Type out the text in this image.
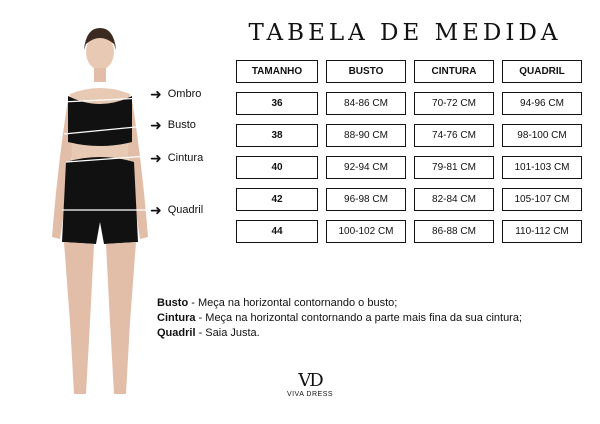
➜ Ombro
➜ Busto
➜ Cintura
➜ Quadril
TABELA DE MEDIDA
TAMANHO	BUSTO	CINTURA	QUADRIL
36	84-86 CM	70-72 CM	94-96 CM
38	88-90 CM	74-76 CM	98-100 CM
40	92-94 CM	79-81 CM	101-103 CM
42	96-98 CM	82-84 CM	105-107 CM
44	100-102 CM	86-88 CM	110-112 CM
Busto - Meça na horizontal contornando o busto;
Cintura - Meça na horizontal contornando a parte mais fina da sua cintura;
Quadril - Saia Justa.
VD
VIVA DRESS
